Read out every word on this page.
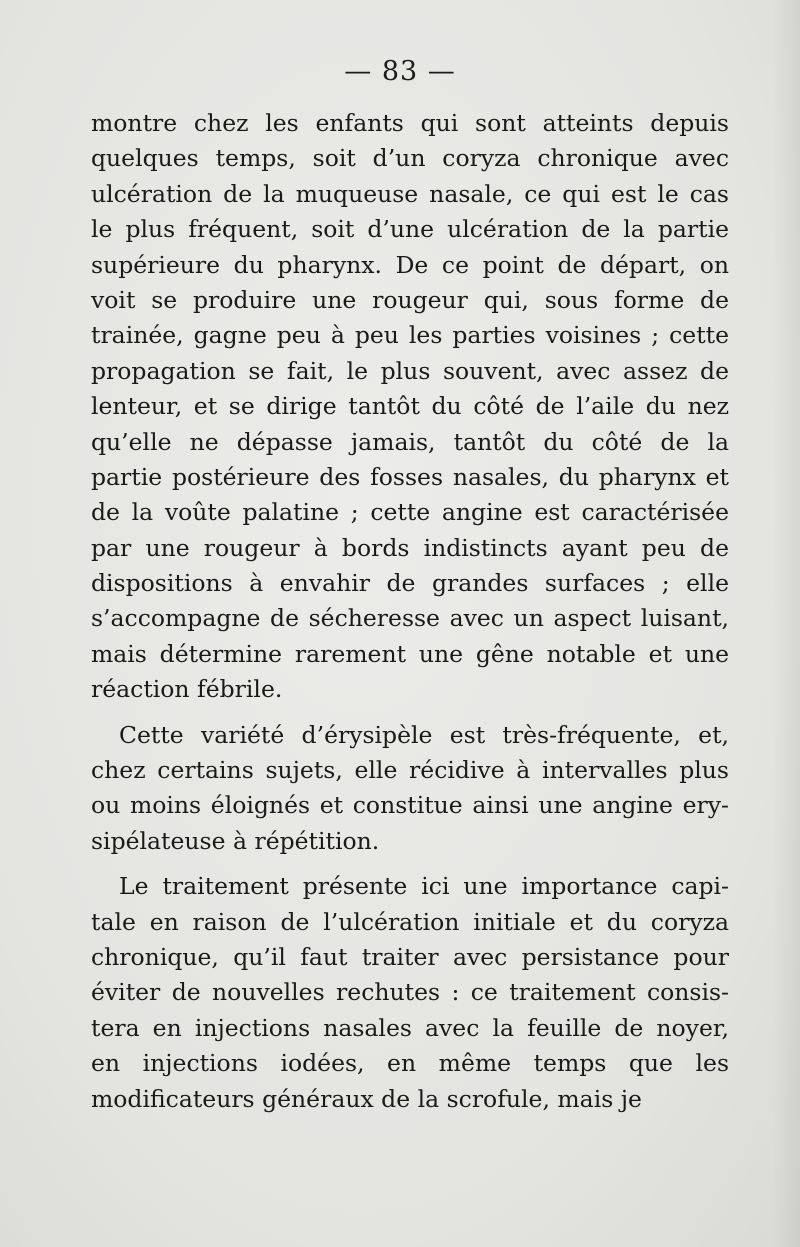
— 83 —
montre chez les enfants qui sont atteints depuis
quelques temps, soit d’un coryza chronique avec
ulcération de la muqueuse nasale, ce qui est le cas
le plus fréquent, soit d’une ulcération de la partie
supérieure du pharynx. De ce point de départ, on
voit se produire une rougeur qui, sous forme de
trainée, gagne peu à peu les parties voisines ; cette
propagation se fait, le plus souvent, avec assez de
lenteur, et se dirige tantôt du côté de l’aile du nez
qu’elle ne dépasse jamais, tantôt du côté de la
partie postérieure des fosses nasales, du pharynx et
de la voûte palatine ; cette angine est caractérisée
par une rougeur à bords indistincts ayant peu de
dispositions à envahir de grandes surfaces ; elle
s’accompagne de sécheresse avec un aspect luisant,
mais détermine rarement une gêne notable et une
réaction fébrile.
Cette variété d’érysipèle est très-fréquente, et,
chez certains sujets, elle récidive à intervalles plus
ou moins éloignés et constitue ainsi une angine ery-
sipélateuse à répétition.
Le traitement présente ici une importance capi-
tale en raison de l’ulcération initiale et du coryza
chronique, qu’il faut traiter avec persistance pour
éviter de nouvelles rechutes : ce traitement consis-
tera en injections nasales avec la feuille de noyer,
en injections iodées, en même temps que les
modificateurs généraux de la scrofule, mais je
